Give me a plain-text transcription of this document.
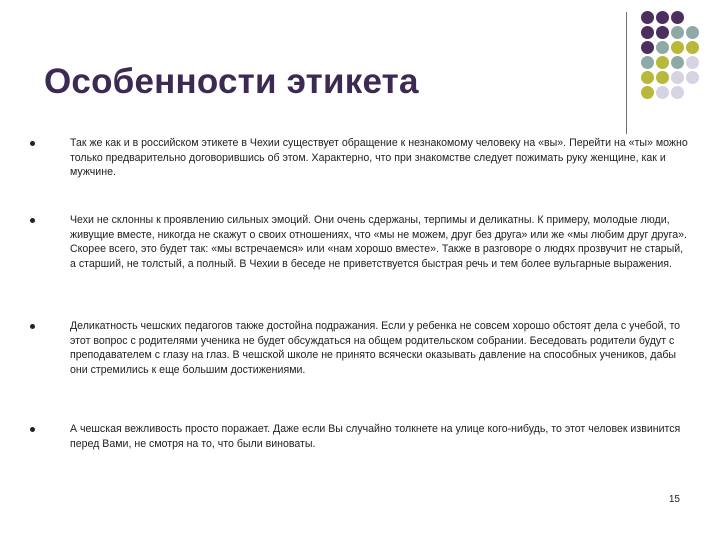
Особенности этикета
Так же как и в российском этикете в Чехии существует обращение к незнакомому человеку на «вы». Перейти на «ты» можно только предварительно договорившись об этом. Характерно, что при знакомстве следует пожимать руку женщине, как и мужчине.
Чехи не склонны к проявлению сильных эмоций. Они очень сдержаны, терпимы и деликатны. К примеру, молодые люди, живущие вместе, никогда не скажут о своих отношениях, что «мы не можем, друг без друга» или же «мы любим друг друга». Скорее всего, это будет так: «мы встречаемся» или «нам хорошо вместе». Также в разговоре о людях прозвучит не старый, а старший, не толстый, а полный. В Чехии в беседе не приветствуется быстрая речь и тем более вульгарные выражения.
Деликатность чешских педагогов также достойна подражания. Если у ребенка не совсем хорошо обстоят дела с учебой, то этот вопрос с родителями ученика не будет обсуждаться на общем родительском собрании. Беседовать родители будут с преподавателем с глазу на глаз. В чешской школе не принято всячески оказывать давление на способных учеников, дабы они стремились к еще большим достижениями.
А чешская вежливость просто поражает. Даже если Вы случайно толкнете на улице кого-нибудь, то этот человек извинится перед Вами, не смотря на то, что были виноваты.
15
